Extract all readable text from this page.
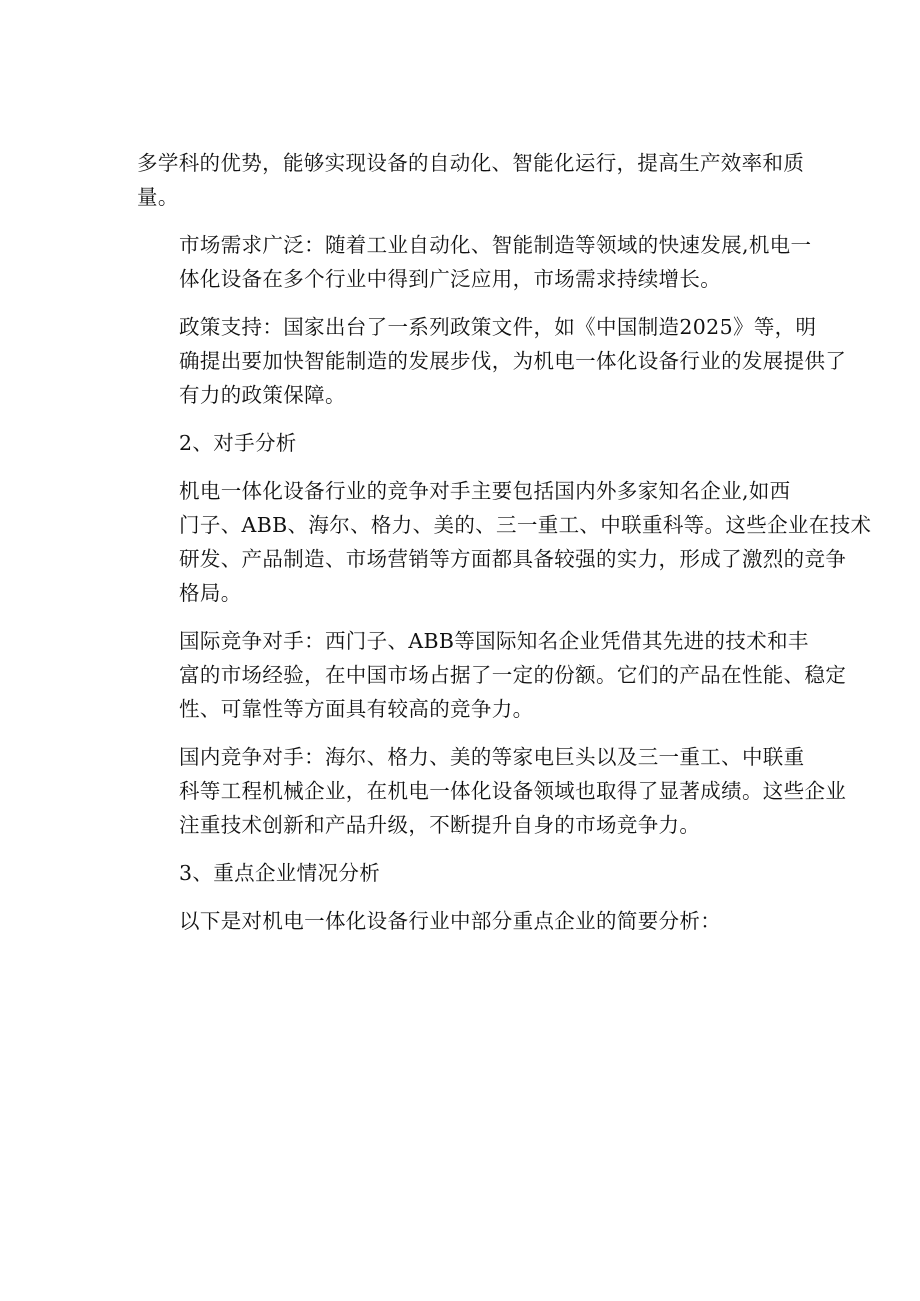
多学科的优势，能够实现设备的自动化、智能化运行，提高生产效率和质
量。

市场需求广泛：随着工业自动化、智能制造等领域的快速发展,机电一
体化设备在多个行业中得到广泛应用，市场需求持续增长。

政策支持：国家出台了一系列政策文件，如《中国制造2025》等，明
确提出要加快智能制造的发展步伐，为机电一体化设备行业的发展提供了
有力的政策保障。

2、对手分析

机电一体化设备行业的竞争对手主要包括国内外多家知名企业,如西
门子、ABB、海尔、格力、美的、三一重工、中联重科等。这些企业在技术
研发、产品制造、市场营销等方面都具备较强的实力，形成了激烈的竞争
格局。

国际竞争对手：西门子、ABB等国际知名企业凭借其先进的技术和丰
富的市场经验，在中国市场占据了一定的份额。它们的产品在性能、稳定
性、可靠性等方面具有较高的竞争力。

国内竞争对手：海尔、格力、美的等家电巨头以及三一重工、中联重
科等工程机械企业，在机电一体化设备领域也取得了显著成绩。这些企业
注重技术创新和产品升级，不断提升自身的市场竞争力。

3、重点企业情况分析

以下是对机电一体化设备行业中部分重点企业的简要分析：
